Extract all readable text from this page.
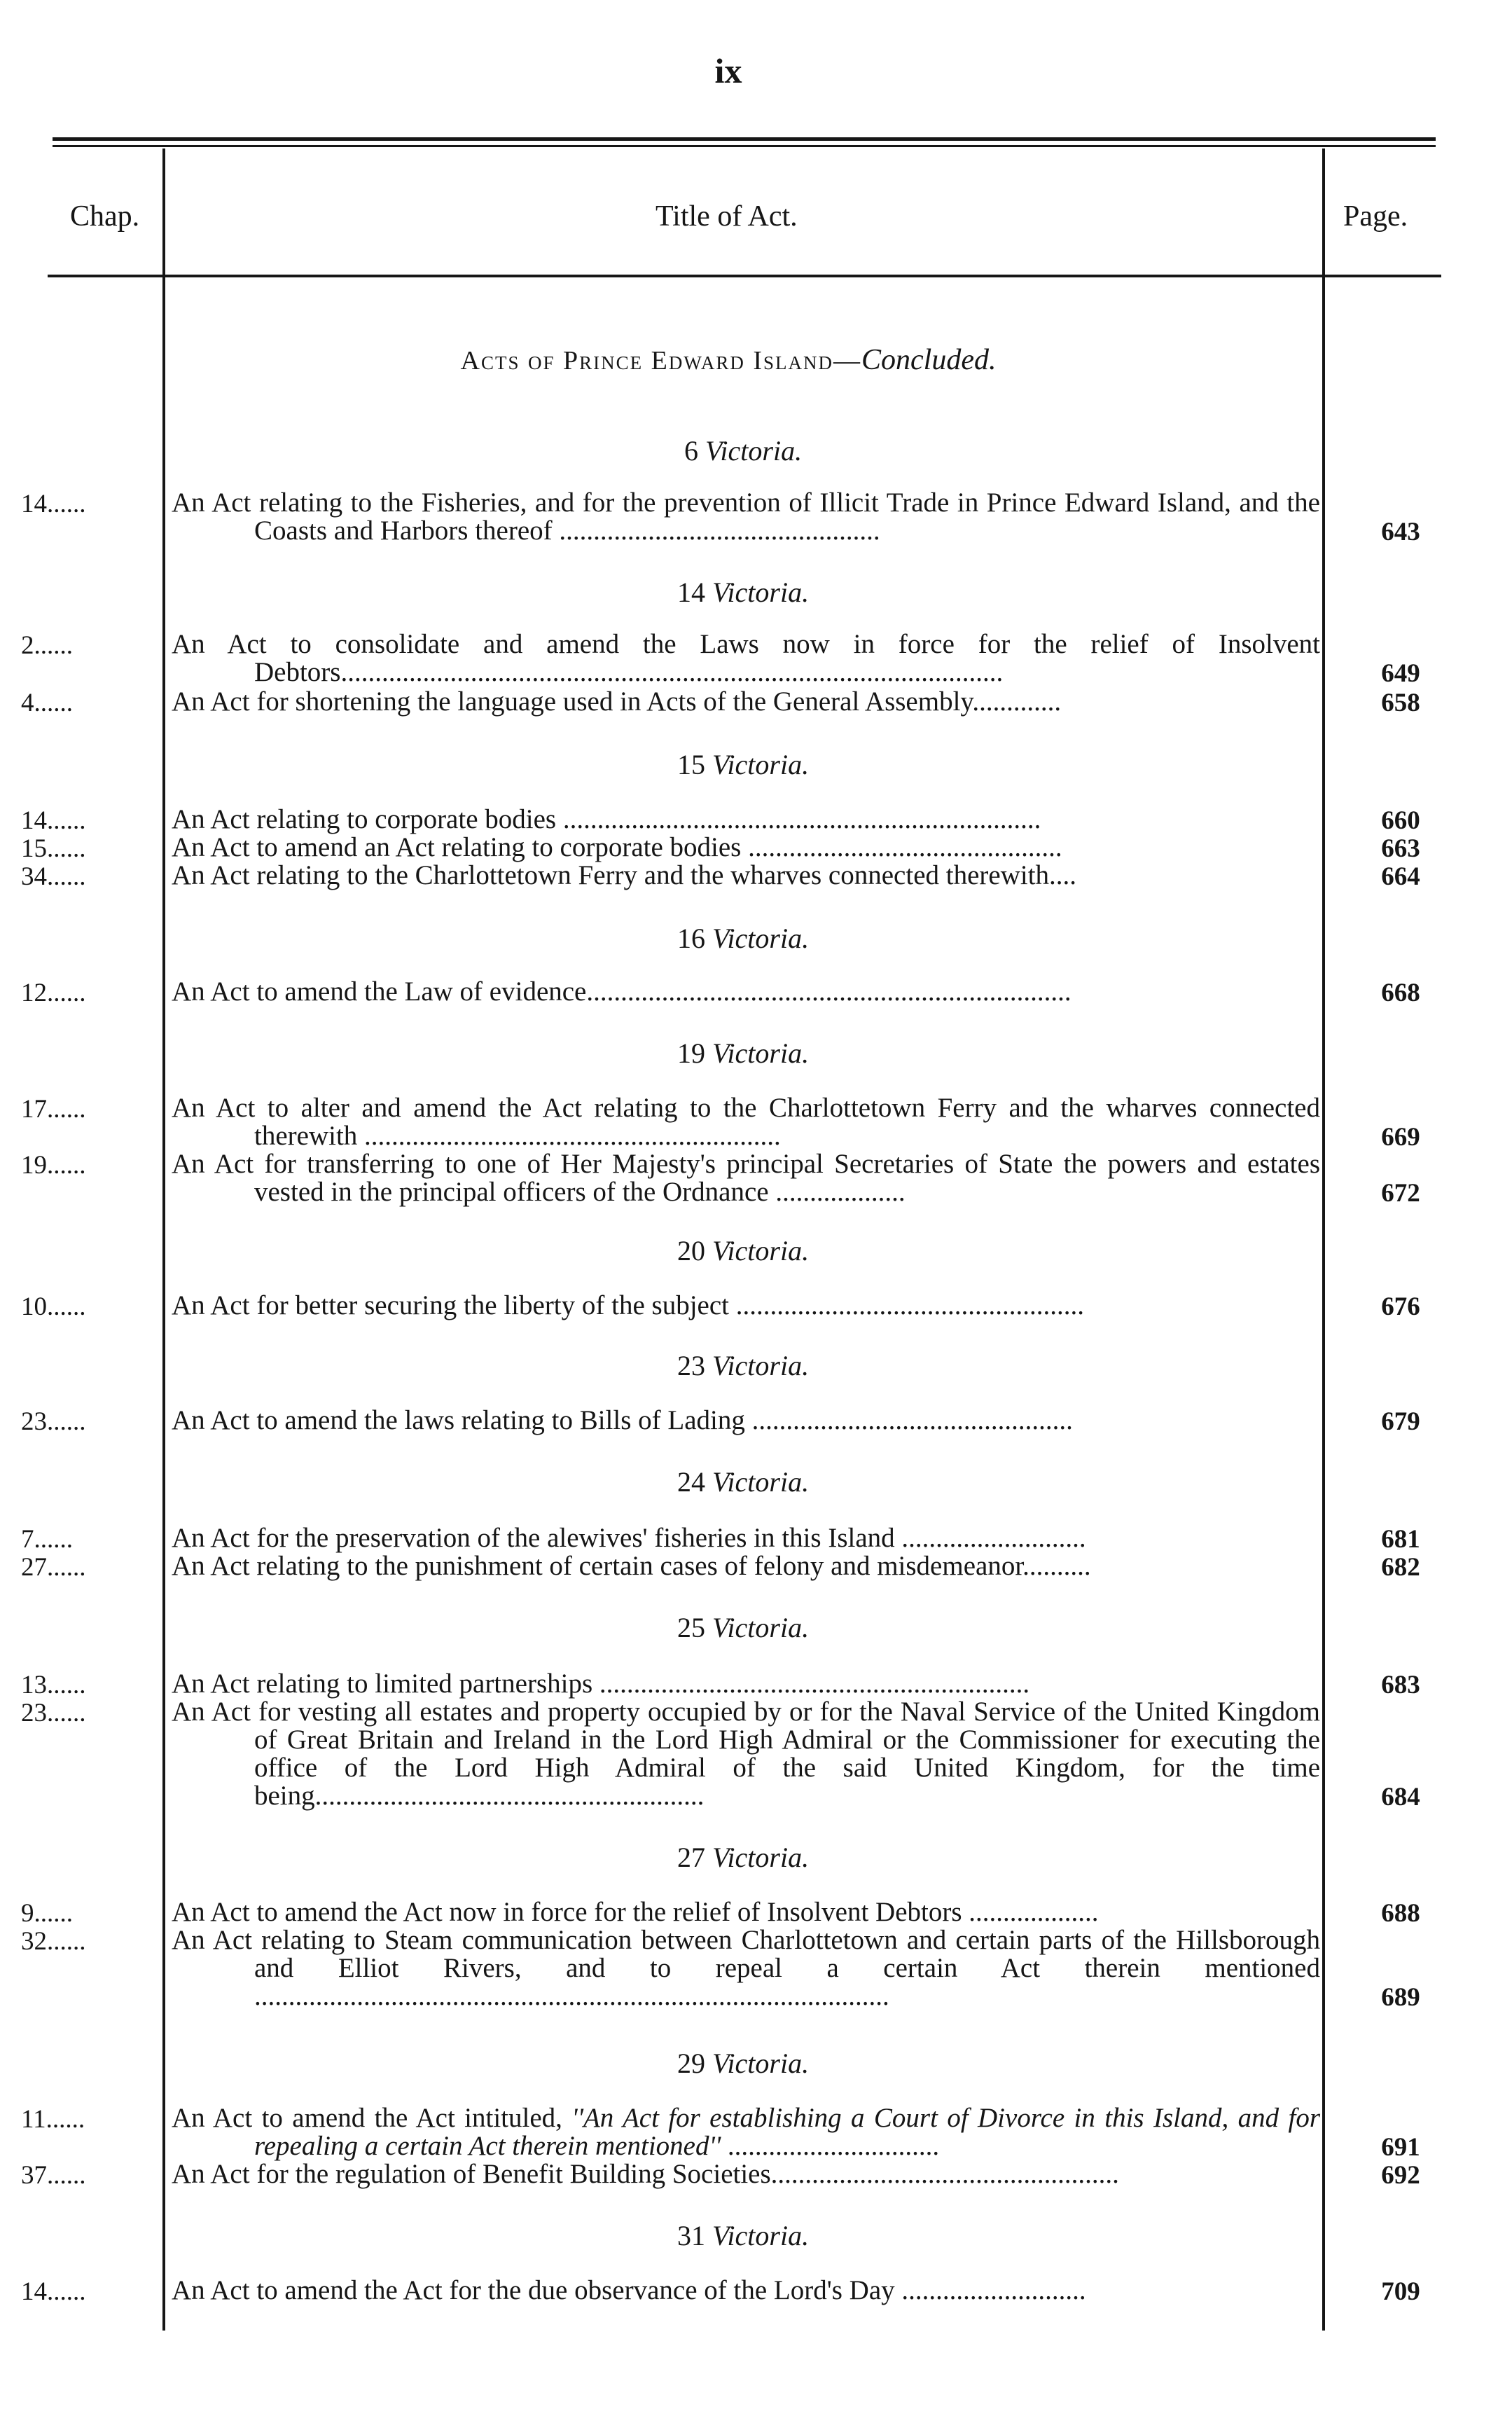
ix
Chap.	Title of Act.	Page.
Acts of Prince Edward Island—Concluded.
6 Victoria.
14......	An Act relating to the Fisheries, and for the prevention of Illicit Trade in Prince Edward Island, and the Coasts and Harbors thereof ...............................................	643
14 Victoria.
2......	An Act to consolidate and amend the Laws now in force for the relief of Insolvent Debtors.................................................................................................	649
4......	An Act for shortening the language used in Acts of the General Assembly.............	658
15 Victoria.
14......	An Act relating to corporate bodies ......................................................................	660
15......	An Act to amend an Act relating to corporate bodies ..............................................	663
34......	An Act relating to the Charlottetown Ferry and the wharves connected therewith....	664
16 Victoria.
12......	An Act to amend the Law of evidence.......................................................................	668
19 Victoria.
17......	An Act to alter and amend the Act relating to the Charlottetown Ferry and the wharves connected therewith .............................................................	669
19......	An Act for transferring to one of Her Majesty's principal Secretaries of State the powers and estates vested in the principal officers of the Ordnance ...................	672
20 Victoria.
10......	An Act for better securing the liberty of the subject ...................................................	676
23 Victoria.
23......	An Act to amend the laws relating to Bills of Lading ...............................................	679
24 Victoria.
7......	An Act for the preservation of the alewives' fisheries in this Island ...........................	681
27......	An Act relating to the punishment of certain cases of felony and misdemeanor..........	682
25 Victoria.
13......	An Act relating to limited partnerships ...............................................................	683
23......	An Act for vesting all estates and property occupied by or for the Naval Service of the United Kingdom of Great Britain and Ireland in the Lord High Admiral or the Commissioner for executing the office of the Lord High Admiral of the said United Kingdom, for the time being.........................................................	684
27 Victoria.
9......	An Act to amend the Act now in force for the relief of Insolvent Debtors ...................	688
32......	An Act relating to Steam communication between Charlottetown and certain parts of the Hillsborough and Elliot Rivers, and to repeal a certain Act therein mentioned .............................................................................................	689
29 Victoria.
11......	An Act to amend the Act intituled, ''An Act for establishing a Court of Divorce in this Island, and for repealing a certain Act therein mentioned'' ...............................	691
37......	An Act for the regulation of Benefit Building Societies...................................................	692
31 Victoria.
14......	An Act to amend the Act for the due observance of the Lord's Day ...........................	709
